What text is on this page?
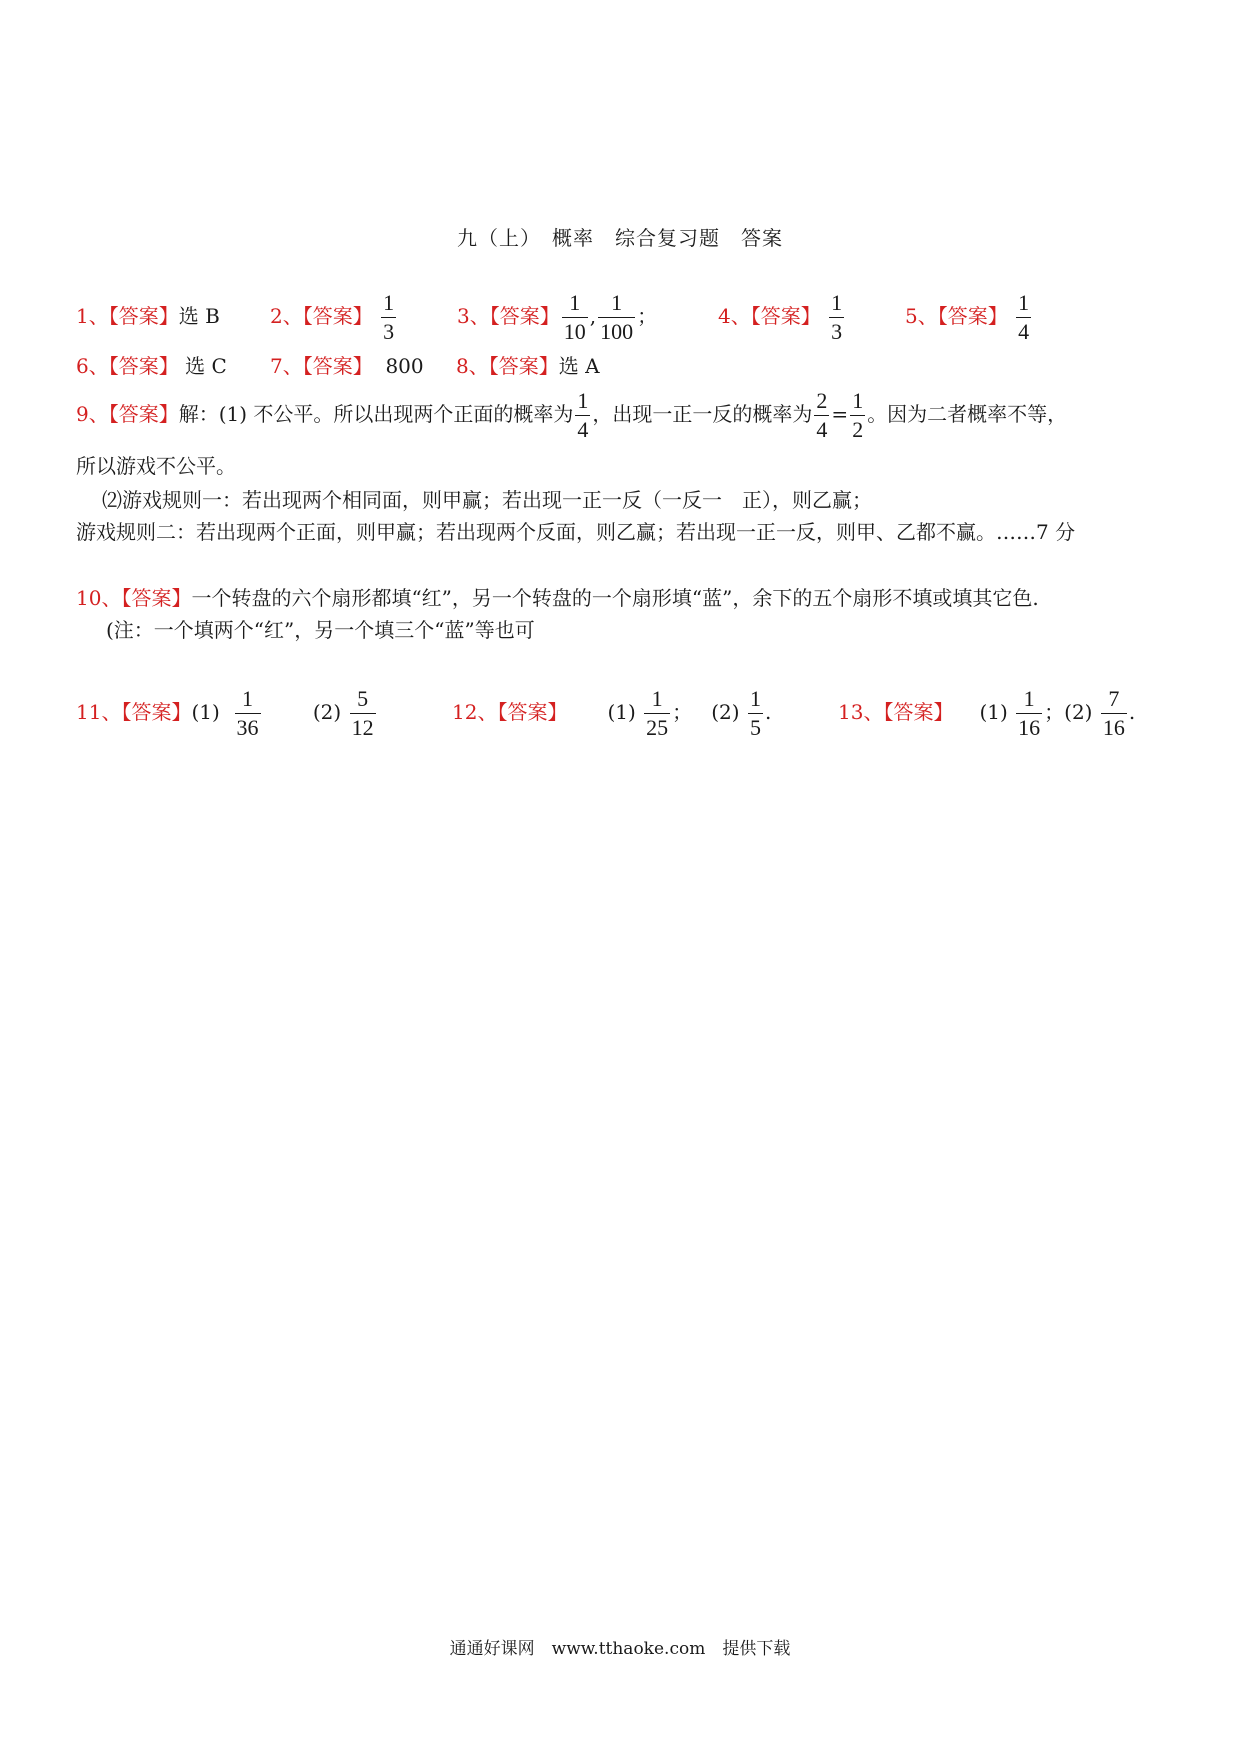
九（上）　概率　综合复习题　答案
1、【答案】选 B	2、【答案】 $\frac{1}{3}$	3、【答案】 $\frac{1}{10}$ , $\frac{1}{100}$ ；	4、【答案】 $\frac{1}{3}$	5、【答案】 $\frac{1}{4}$
6、【答案】 选 C 7、【答案】 800 8、【答案】选 A
9、【答案】解：(1) 不公平。所以出现两个正面的概率为 $\frac{1}{4}$ ，出现一正一反的概率为 $\frac{2}{4} = \frac{1}{2}$ 。因为二者概率不等，
所以游戏不公平。
⑵游戏规则一：若出现两个相同面，则甲赢；若出现一正一反（一反一　正），则乙赢；
游戏规则二：若出现两个正面，则甲赢；若出现两个反面，则乙赢；若出现一正一反，则甲、乙都不赢。……7 分
10、【答案】一个转盘的六个扇形都填“红”，另一个转盘的一个扇形填“蓝”，余下的五个扇形不填或填其它色.
(注：一个填两个“红”，另一个填三个“蓝”等也可
11、【答案】$(1) \frac{1}{36}$	$(2) \frac{5}{12}$	12、【答案】 $(1) \frac{1}{25}$ ； $(2) \frac{1}{5}$ .	13、【答案】 $(1) \frac{1}{16}$ ；$(2) \frac{7}{16}$ .
通通好课网　www.tthaoke.com　提供下载
